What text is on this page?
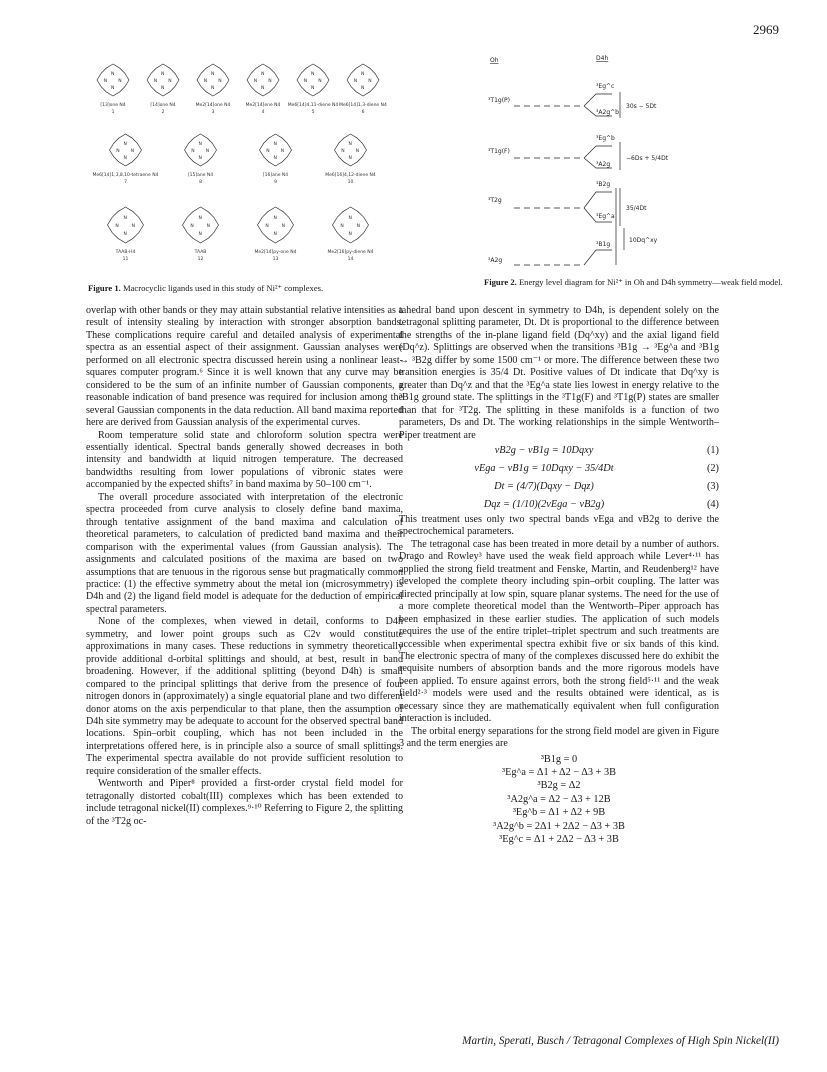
2969
N
N
N
N
[13]one N4
1
N
N
N
N
[14]one N4
2
N
N
N
N
Me2[14]one N4
3
N
N
N
N
Me2[14]ene N4
4
N
N
N
N
Me6[14]4,11-diene N4
5
N
N
N
N
Me6[14]1,3-diene N4
6
N
N
N
N
Me6[14]1,3,8,10-tetraene N4
7
N
N
N
N
[15]ane N4
8
N
N
N
N
[16]ane N4
9
N
N
N
N
Me6[16]4,12-diene N4
10
N
N
N
N
TAAB-H4
11
N
N
N
N
TAAB
12
N
N
N
N
Me2[14]py-one N4
13
N
N
N
N
Me2[16]py-diene N4
14
Figure 1. Macrocyclic ligands used in this study of Ni²⁺ complexes.
Oh	D4h
³T1g(P)
³T1g(F)
³T2g
³A2g
³Eg^c
³A2g^b
³Eg^b
³A2g
³B2g
³Eg^a
³B1g
30s − 5Dt
−6Ds + 5/4Dt
35/4Dt
10Dq^xy
Figure 2. Energy level diagram for Ni²⁺ in Oh and D4h symmetry—weak field model.

overlap with other bands or they may attain substantial relative intensities as a result of intensity stealing by interaction with stronger absorption bands. These complications require careful and detailed analysis of experimental spectra as an essential aspect of their assignment. Gaussian analyses were performed on all electronic spectra discussed herein using a nonlinear least-squares computer program.⁶ Since it is well known that any curve may be considered to be the sum of an infinite number of Gaussian components, a reasonable indication of band presence was required for inclusion among the several Gaussian components in the data reduction. All band maxima reported here are derived from Gaussian analysis of the experimental curves.

Room temperature solid state and chloroform solution spectra were essentially identical. Spectral bands generally showed decreases in both intensity and bandwidth at liquid nitrogen temperature. The decreased bandwidths resulting from lower populations of vibronic states were accompanied by the expected shifts⁷ in band maxima by 50–100 cm⁻¹.

The overall procedure associated with interpretation of the electronic spectra proceeded from curve analysis to closely define band maxima, through tentative assignment of the band maxima and calculation of theoretical parameters, to calculation of predicted band maxima and their comparison with the experimental values (from Gaussian analysis). The assignments and calculated positions of the maxima are based on two assumptions that are tenuous in the rigorous sense but pragmatically common practice: (1) the effective symmetry about the metal ion (microsymmetry) is D4h and (2) the ligand field model is adequate for the deduction of empirical spectral parameters.

None of the complexes, when viewed in detail, conforms to D4h symmetry, and lower point groups such as C2v would constitute approximations in many cases. These reductions in symmetry theoretically provide additional d-orbital splittings and should, at best, result in band broadening. However, if the additional splitting (beyond D4h) is small compared to the principal splittings that derive from the presence of four nitrogen donors in (approximately) a single equatorial plane and two different donor atoms on the axis perpendicular to that plane, then the assumption of D4h site symmetry may be adequate to account for the observed spectral band locations. Spin–orbit coupling, which has not been included in the interpretations offered here, is in principle also a source of small splittings. The experimental spectra available do not provide sufficient resolution to require consideration of the smaller effects.

Wentworth and Piper⁸ provided a first-order crystal field model for tetragonally distorted cobalt(III) complexes which has been extended to include tetragonal nickel(II) complexes.⁹·¹⁰ Referring to Figure 2, the splitting of the ³T2g oc-

tahedral band upon descent in symmetry to D4h, is dependent solely on the tetragonal splitting parameter, Dt. Dt is proportional to the difference between the strengths of the in-plane ligand field (Dq^xy) and the axial ligand field (Dq^z). Splittings are observed when the transitions ³B1g → ³Eg^a and ³B1g → ³B2g differ by some 1500 cm⁻¹ or more. The difference between these two transition energies is 35/4 Dt. Positive values of Dt indicate that Dq^xy is greater than Dq^z and that the ³Eg^a state lies lowest in energy relative to the ³B1g ground state. The splittings in the ³T1g(F) and ³T1g(P) states are smaller than that for ³T2g. The splitting in these manifolds is a function of two parameters, Ds and Dt. The working relationships in the simple Wentworth–Piper treatment are

νB2g − νB1g = 10Dqxy	(1)
νEga − νB1g = 10Dqxy − 35/4Dt	(2)
Dt = (4/7)(Dqxy − Dqz)	(3)
Dqz = (1/10)(2νEga − νB2g)	(4)

This treatment uses only two spectral bands νEga and νB2g to derive the spectrochemical parameters.

The tetragonal case has been treated in more detail by a number of authors. Drago and Rowley³ have used the weak field approach while Lever⁴·¹¹ has applied the strong field treatment and Fenske, Martin, and Reudenberg¹² have developed the complete theory including spin–orbit coupling. The latter was directed principally at low spin, square planar systems. The need for the use of a more complete theoretical model than the Wentworth–Piper approach has been emphasized in these earlier studies. The application of such models requires the use of the entire triplet–triplet spectrum and such treatments are accessible when experimental spectra exhibit five or six bands of this kind. The electronic spectra of many of the complexes discussed here do exhibit the requisite numbers of absorption bands and the more rigorous models have been applied. To ensure against errors, both the strong field⁵·¹¹ and the weak field²·³ models were used and the results obtained were identical, as is necessary since they are mathematically equivalent when full configuration interaction is included.

The orbital energy separations for the strong field model are given in Figure 3 and the term energies are

³B1g = 0
³Eg^a = Δ1 + Δ2 − Δ3 + 3B
³B2g = Δ2
³A2g^a = Δ2 − Δ3 + 12B
³Eg^b = Δ1 + Δ2 + 9B
³A2g^b = 2Δ1 + 2Δ2 − Δ3 + 3B
³Eg^c = Δ1 + 2Δ2 − Δ3 + 3B
Martin, Sperati, Busch / Tetragonal Complexes of High Spin Nickel(II)
